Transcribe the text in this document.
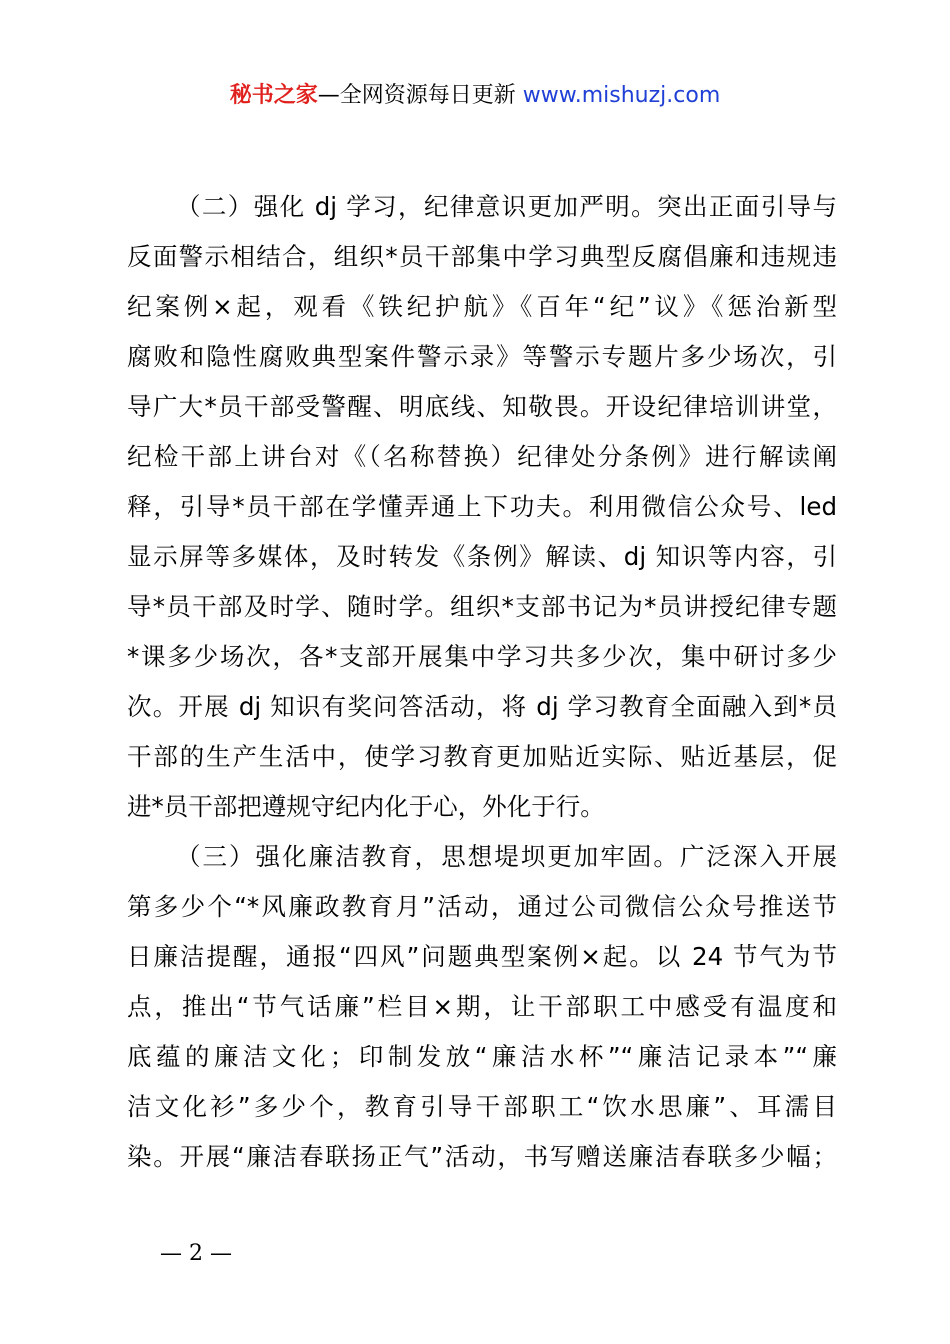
秘书之家—全网资源每日更新 www.mishuzj.com
（二）强化 dj 学习，纪律意识更加严明。突出正面引导与
反面警示相结合，组织*员干部集中学习典型反腐倡廉和违规违
纪案例×起，观看《铁纪护航》《百年“纪”议》《惩治新型
腐败和隐性腐败典型案件警示录》等警示专题片多少场次，引
导广大*员干部受警醒、明底线、知敬畏。开设纪律培训讲堂，
纪检干部上讲台对《（名称替换）纪律处分条例》进行解读阐
释，引导*员干部在学懂弄通上下功夫。利用微信公众号、led
显示屏等多媒体，及时转发《条例》解读、dj 知识等内容，引
导*员干部及时学、随时学。组织*支部书记为*员讲授纪律专题
*课多少场次，各*支部开展集中学习共多少次，集中研讨多少
次。开展 dj 知识有奖问答活动，将 dj 学习教育全面融入到*员
干部的生产生活中，使学习教育更加贴近实际、贴近基层，促
进*员干部把遵规守纪内化于心，外化于行。
（三）强化廉洁教育，思想堤坝更加牢固。广泛深入开展
第多少个“*风廉政教育月”活动，通过公司微信公众号推送节
日廉洁提醒，通报“四风”问题典型案例×起。以 24 节气为节
点，推出“节气话廉”栏目×期，让干部职工中感受有温度和
底蕴的廉洁文化；印制发放“廉洁水杯”“廉洁记录本”“廉
洁文化衫”多少个，教育引导干部职工“饮水思廉”、耳濡目
染。开展“廉洁春联扬正气”活动，书写赠送廉洁春联多少幅；
— 2 —
